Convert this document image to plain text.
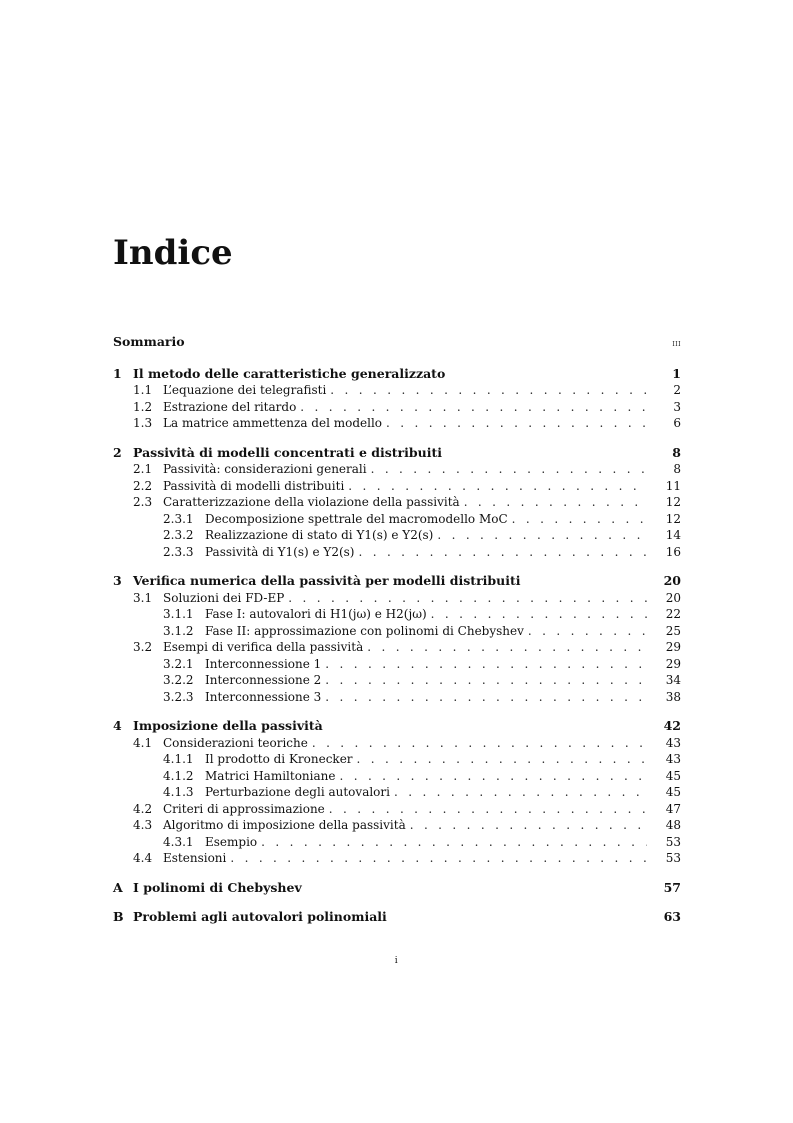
Indice
Sommario	iii
1 Il metodo delle caratteristiche generalizzato	1
1.1 L’equazione dei telegrafisti . . .	2
1.2 Estrazione del ritardo . . .	3
1.3 La matrice ammettenza del modello . . .	6
2 Passività di modelli concentrati e distribuiti	8
2.1 Passività: considerazioni generali . . .	8
2.2 Passività di modelli distribuiti . . .	11
2.3 Caratterizzazione della violazione della passività . . .	12
2.3.1 Decomposizione spettrale del macromodello MoC . . .	12
2.3.2 Realizzazione di stato di Y1(s) e Y2(s) . . .	14
2.3.3 Passività di Y1(s) e Y2(s) . . .	16
3 Verifica numerica della passività per modelli distribuiti	20
3.1 Soluzioni dei FD-EP . . .	20
3.1.1 Fase I: autovalori di H1(jω) e H2(jω) . . .	22
3.1.2 Fase II: approssimazione con polinomi di Chebyshev . . .	25
3.2 Esempi di verifica della passività . . .	29
3.2.1 Interconnessione 1 . . .	29
3.2.2 Interconnessione 2 . . .	34
3.2.3 Interconnessione 3 . . .	38
4 Imposizione della passività	42
4.1 Considerazioni teoriche . . .	43
4.1.1 Il prodotto di Kronecker . . .	43
4.1.2 Matrici Hamiltoniane . . .	45
4.1.3 Perturbazione degli autovalori . . .	45
4.2 Criteri di approssimazione . . .	47
4.3 Algoritmo di imposizione della passività . . .	48
4.3.1 Esempio . . .	53
4.4 Estensioni . . .	53
A I polinomi di Chebyshev	57
B Problemi agli autovalori polinomiali	63
i
